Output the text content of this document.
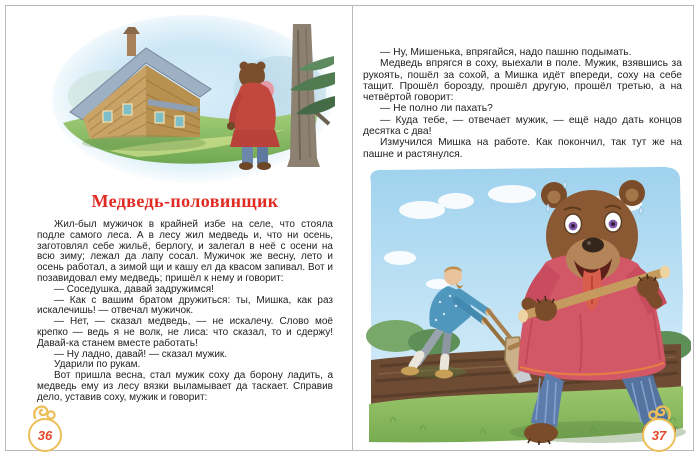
Медведь-половинщик

Жил-был мужичок в крайней избе на селе, что стояла подле самого леса. А в лесу жил медведь и, что ни осень, заготовлял себе жильё, берлогу, и залегал в неё с осени на всю зиму; лежал да лапу сосал. Мужичок же весну, лето и осень работал, а зимой щи и кашу ел да квасом запивал. Вот и позавидовал ему медведь; пришёл к нему и говорит:

— Соседушка, давай задружимся!

— Как с вашим братом дружиться: ты, Мишка, как раз искалечишь! — отвечал мужичок.

— Нет, — сказал медведь, — не искалечу. Слово моё крепко — ведь я не волк, не лиса: что сказал, то и сдержу! Давай-ка станем вместе работать!

— Ну ладно, давай! — сказал мужик.

Ударили по рукам.

Вот пришла весна, стал мужик соху да борону ладить, а медведь ему из лесу вязки выламывает да таскает. Справив дело, уставив соху, мужик и говорит:

36

— Ну, Мишенька, впрягайся, надо пашню подымать.

Медведь впрягся в соху, выехали в поле. Мужик, взявшись за рукоять, пошёл за сохой, а Мишка идёт впереди, соху на себе тащит. Прошёл борозду, прошёл другую, прошёл третью, а на четвёртой говорит:

— Не полно ли пахать?

— Куда тебе, — отвечает мужик, — ещё надо дать концов десятка с два!

Измучился Мишка на работе. Как покончил, так тут же на пашне и растянулся.

37
